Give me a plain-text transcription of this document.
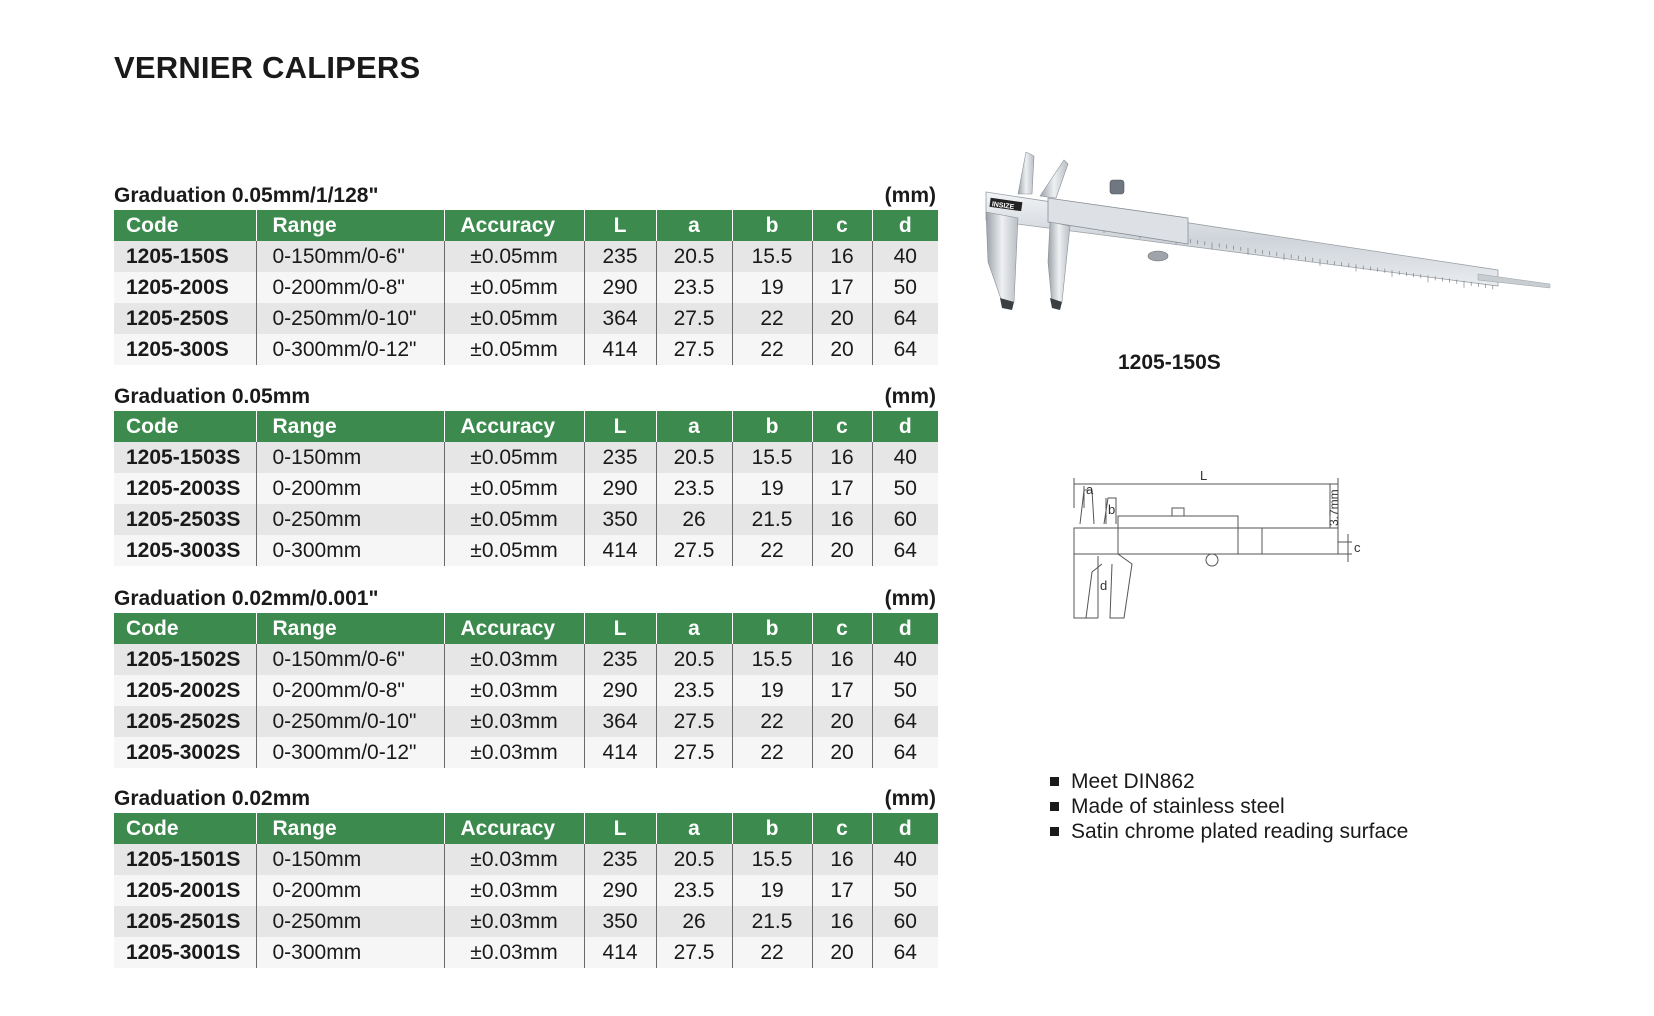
VERNIER CALIPERS
Graduation 0.05mm/1/128"	(mm)
Code	Range	Accuracy	L	a	b	c	d
1205-150S	0-150mm/0-6"	±0.05mm	235	20.5	15.5	16	40
1205-200S	0-200mm/0-8"	±0.05mm	290	23.5	19	17	50
1205-250S	0-250mm/0-10"	±0.05mm	364	27.5	22	20	64
1205-300S	0-300mm/0-12"	±0.05mm	414	27.5	22	20	64
Graduation 0.05mm	(mm)
Code	Range	Accuracy	L	a	b	c	d
1205-1503S	0-150mm	±0.05mm	235	20.5	15.5	16	40
1205-2003S	0-200mm	±0.05mm	290	23.5	19	17	50
1205-2503S	0-250mm	±0.05mm	350	26	21.5	16	60
1205-3003S	0-300mm	±0.05mm	414	27.5	22	20	64
Graduation 0.02mm/0.001"	(mm)
Code	Range	Accuracy	L	a	b	c	d
1205-1502S	0-150mm/0-6"	±0.03mm	235	20.5	15.5	16	40
1205-2002S	0-200mm/0-8"	±0.03mm	290	23.5	19	17	50
1205-2502S	0-250mm/0-10"	±0.03mm	364	27.5	22	20	64
1205-3002S	0-300mm/0-12"	±0.03mm	414	27.5	22	20	64
Graduation 0.02mm	(mm)
Code	Range	Accuracy	L	a	b	c	d
1205-1501S	0-150mm	±0.03mm	235	20.5	15.5	16	40
1205-2001S	0-200mm	±0.03mm	290	23.5	19	17	50
1205-2501S	0-250mm	±0.03mm	350	26	21.5	16	60
1205-3001S	0-300mm	±0.03mm	414	27.5	22	20	64
INSIZE
1205-150S
L
a
b
c
d
3.7mm
Meet DIN862
Made of stainless steel
Satin chrome plated reading surface
